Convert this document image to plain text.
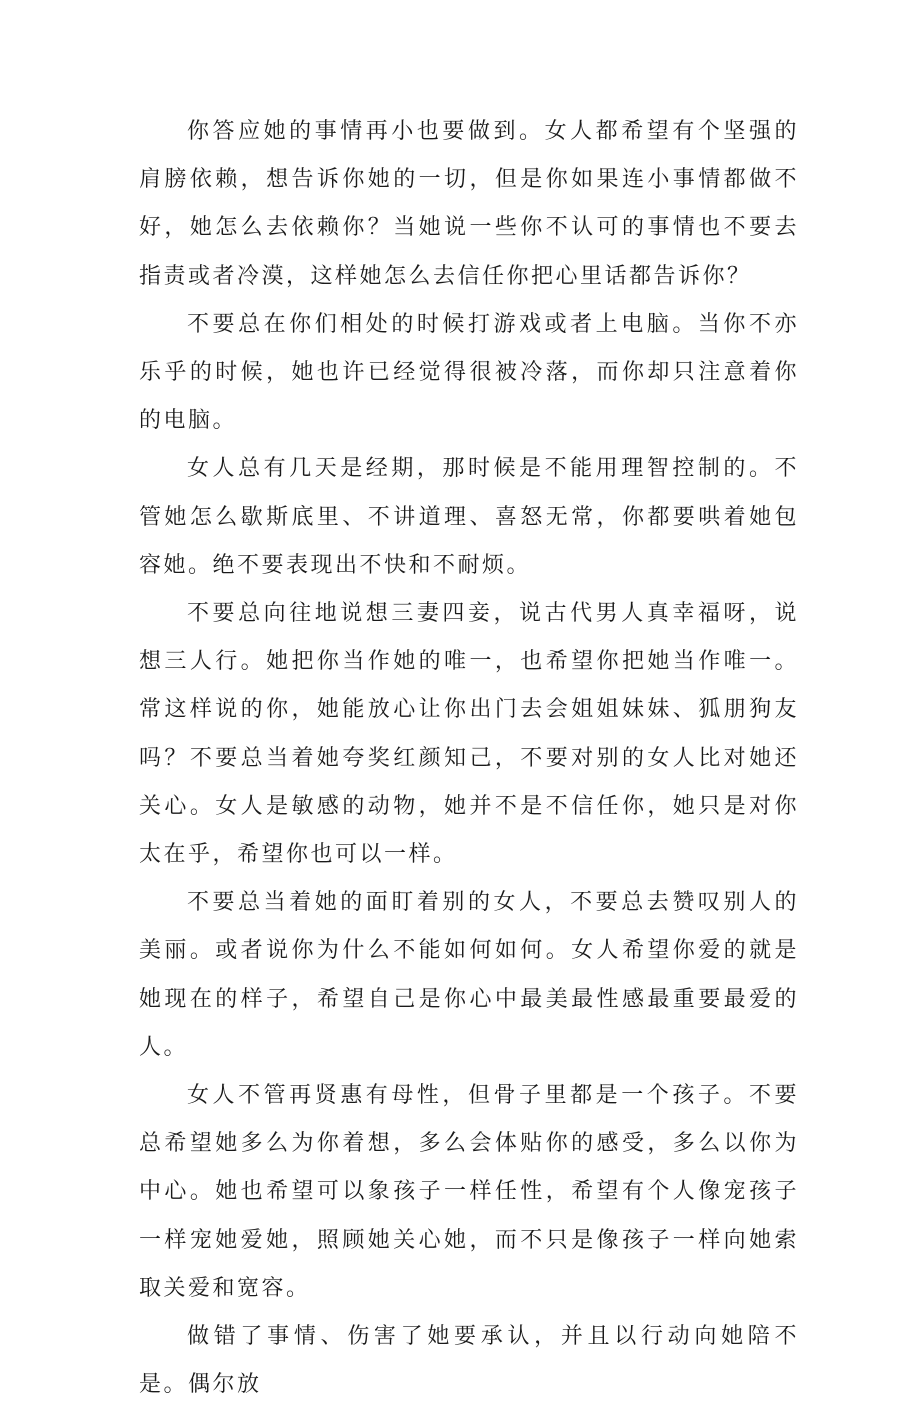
你答应她的事情再小也要做到。女人都希望有个坚强的肩膀依赖，想告诉你她的一切，但是你如果连小事情都做不好，她怎么去依赖你？当她说一些你不认可的事情也不要去指责或者冷漠，这样她怎么去信任你把心里话都告诉你？

不要总在你们相处的时候打游戏或者上电脑。当你不亦乐乎的时候，她也许已经觉得很被冷落，而你却只注意着你的电脑。

女人总有几天是经期，那时候是不能用理智控制的。不管她怎么歇斯底里、不讲道理、喜怒无常，你都要哄着她包容她。绝不要表现出不快和不耐烦。

不要总向往地说想三妻四妾，说古代男人真幸福呀，说想三人行。她把你当作她的唯一，也希望你把她当作唯一。常这样说的你，她能放心让你出门去会姐姐妹妹、狐朋狗友吗？不要总当着她夸奖红颜知己，不要对别的女人比对她还关心。女人是敏感的动物，她并不是不信任你，她只是对你太在乎，希望你也可以一样。

不要总当着她的面盯着别的女人，不要总去赞叹别人的美丽。或者说你为什么不能如何如何。女人希望你爱的就是她现在的样子，希望自己是你心中最美最性感最重要最爱的人。

女人不管再贤惠有母性，但骨子里都是一个孩子。不要总希望她多么为你着想，多么会体贴你的感受，多么以你为中心。她也希望可以象孩子一样任性，希望有个人像宠孩子一样宠她爱她，照顾她关心她，而不只是像孩子一样向她索取关爱和宽容。

做错了事情、伤害了她要承认，并且以行动向她陪不是。偶尔放
